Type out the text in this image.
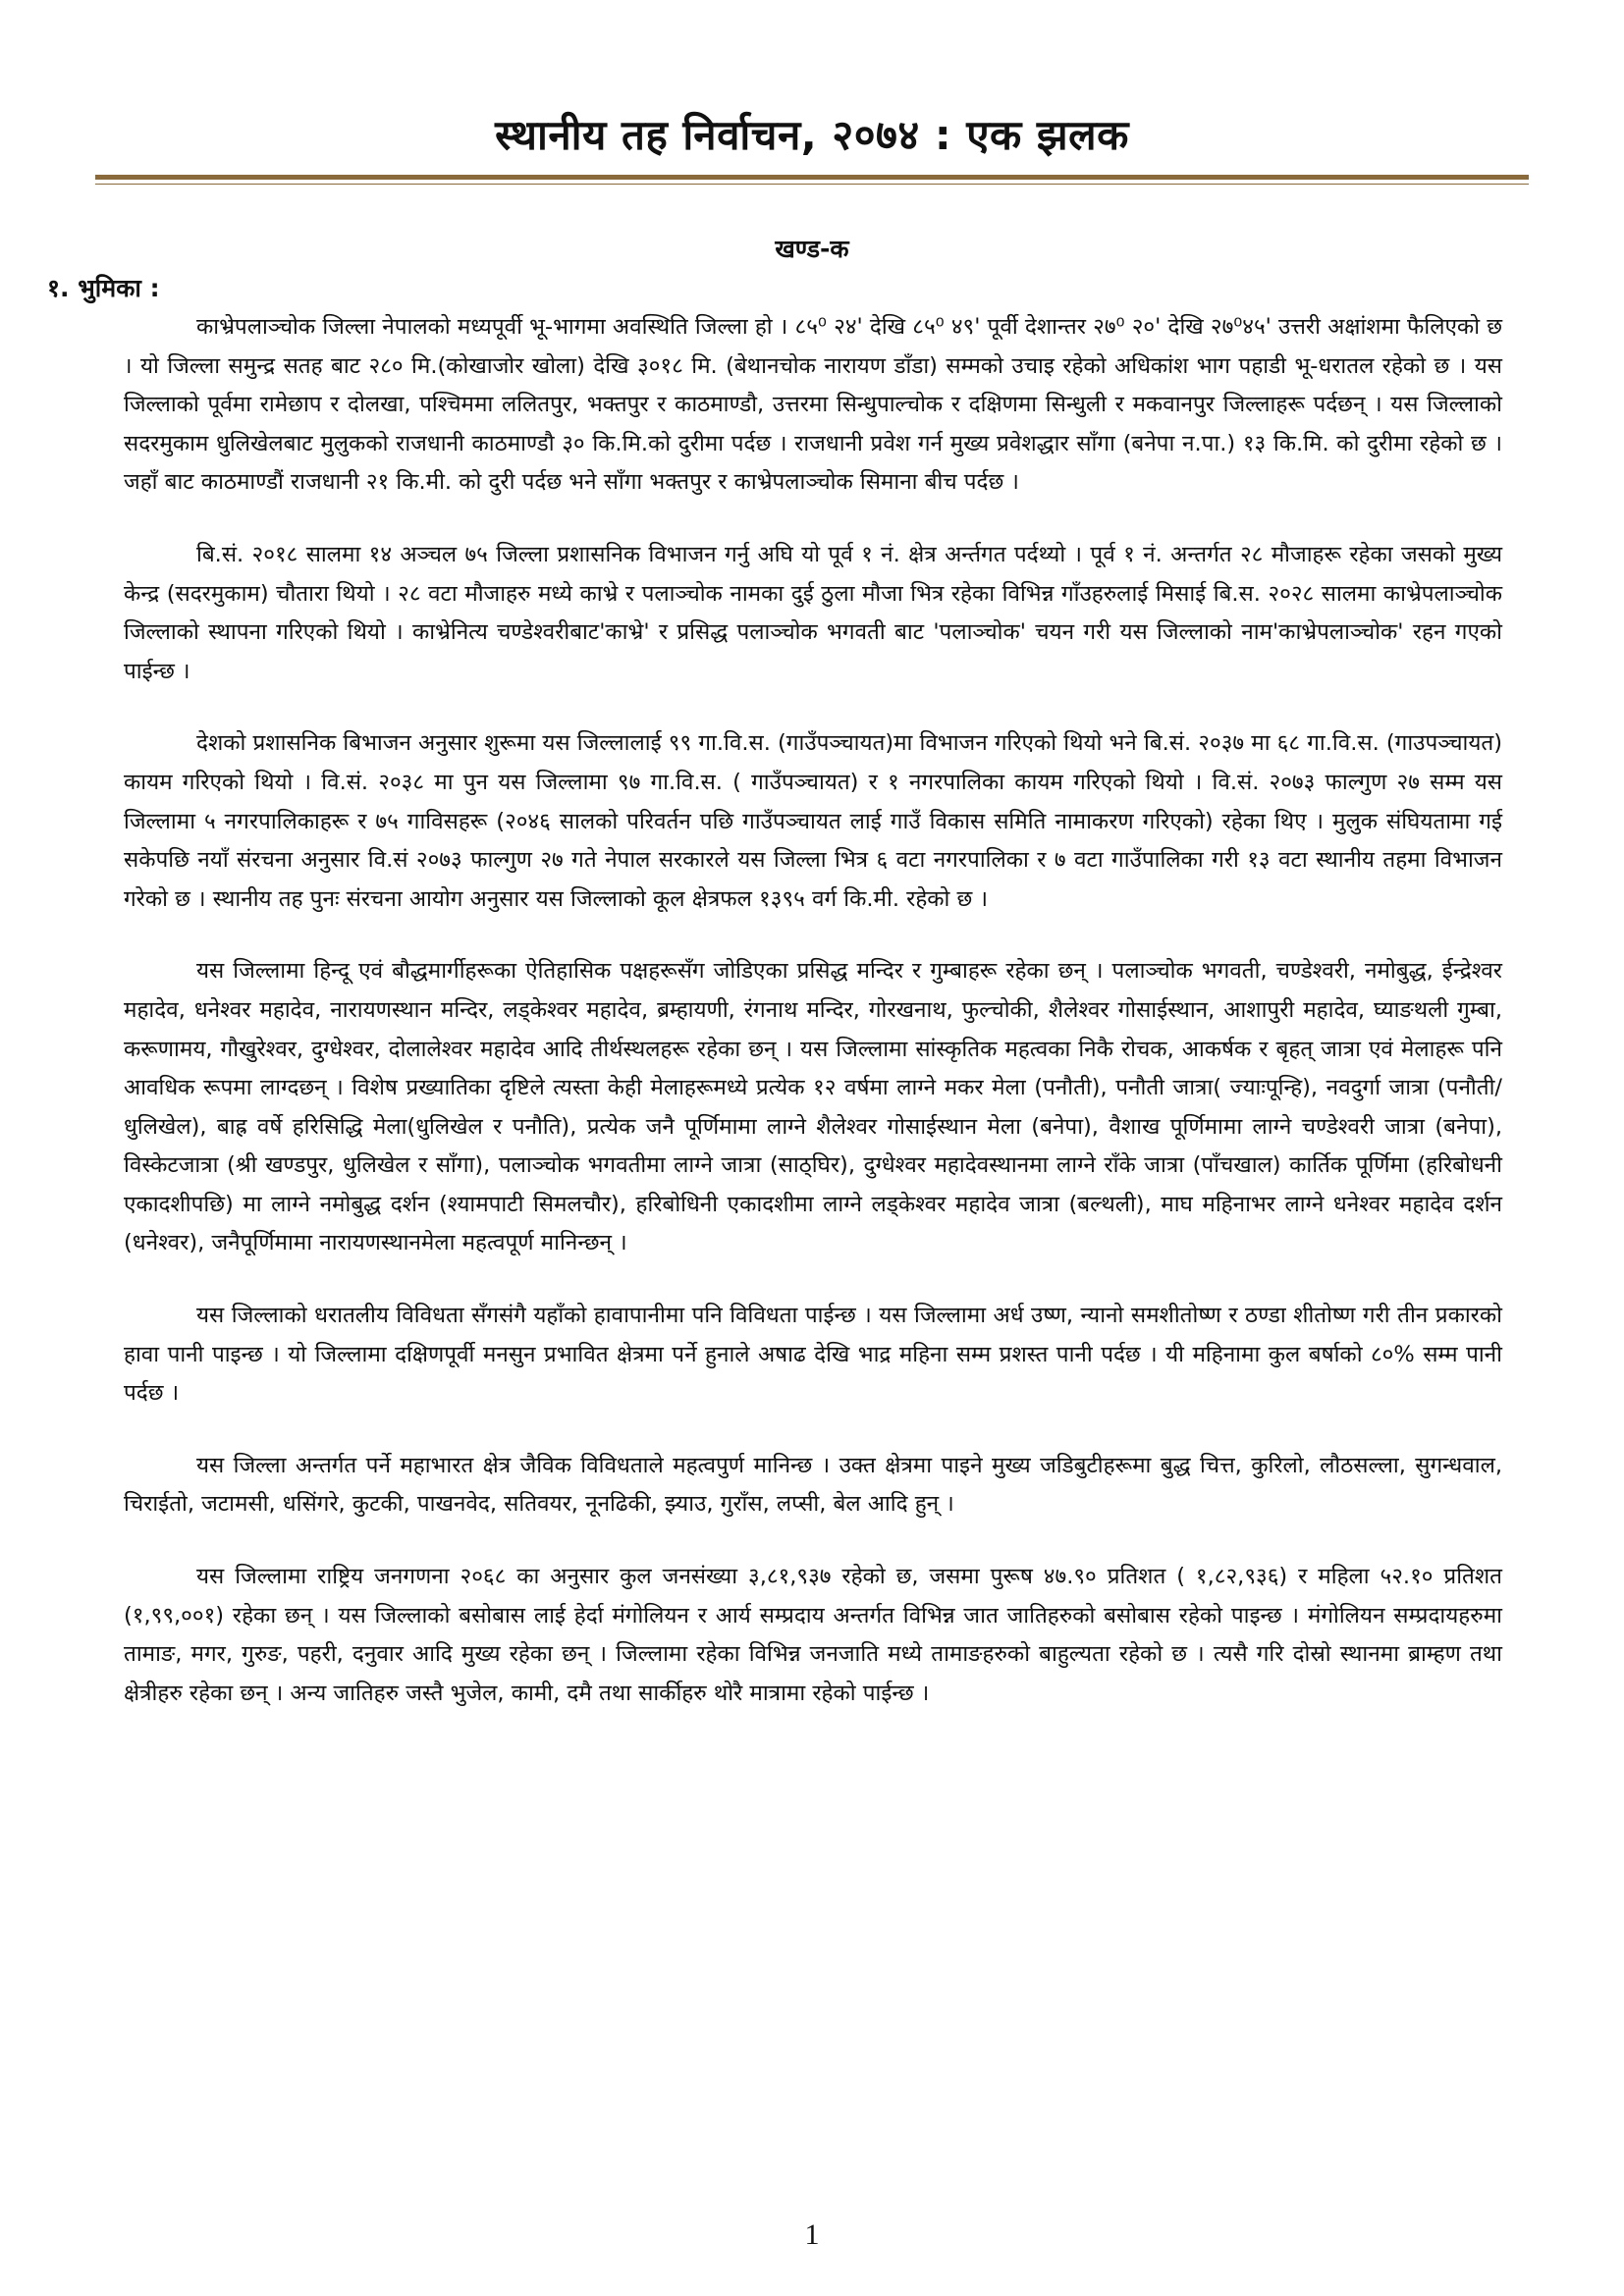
स्थानीय तह निर्वाचन, २०७४ : एक झलक
खण्ड-क
१. भुमिका :

काभ्रेपलाञ्चोक जिल्ला नेपालको मध्यपूर्वी भू-भागमा अवस्थिति जिल्ला हो । ८५⁰ २४' देखि ८५⁰ ४९' पूर्वी देशान्तर २७⁰ २०' देखि २७⁰४५' उत्तरी अक्षांशमा फैलिएको छ । यो जिल्ला समुन्द्र सतह बाट २८० मि.(कोखाजोर खोला) देखि ३०१८ मि. (बेथानचोक नारायण डाँडा) सम्मको उचाइ रहेको अधिकांश भाग पहाडी भू-धरातल रहेको छ । यस जिल्लाको पूर्वमा रामेछाप र दोलखा, पश्चिममा ललितपुर, भक्तपुर र काठमाण्डौ, उत्तरमा सिन्धुपाल्चोक र दक्षिणमा सिन्धुली र मकवानपुर जिल्लाहरू पर्दछन् । यस जिल्लाको सदरमुकाम धुलिखेलबाट मुलुकको राजधानी काठमाण्डौ ३० कि.मि.को दुरीमा पर्दछ । राजधानी प्रवेश गर्न मुख्य प्रवेशद्धार साँगा (बनेपा न.पा.) १३ कि.मि. को दुरीमा रहेको छ । जहाँ बाट काठमाण्डौं राजधानी २१ कि.मी. को दुरी पर्दछ भने साँगा भक्तपुर र काभ्रेपलाञ्चोक सिमाना बीच पर्दछ ।

बि.सं. २०१८ सालमा १४ अञ्चल ७५ जिल्ला प्रशासनिक विभाजन गर्नु अघि यो पूर्व १ नं. क्षेत्र अर्न्तगत पर्दथ्यो । पूर्व १ नं. अन्तर्गत २८ मौजाहरू रहेका जसको मुख्य केन्द्र (सदरमुकाम) चौतारा थियो । २८ वटा मौजाहरु मध्ये काभ्रे र पलाञ्चोक नामका दुई ठुला मौजा भित्र रहेका विभिन्न गाँउहरुलाई मिसाई बि.स. २०२८ सालमा काभ्रेपलाञ्चोक जिल्लाको स्थापना गरिएको थियो । काभ्रेनित्य चण्डेश्वरीबाट'काभ्रे' र प्रसिद्ध पलाञ्चोक भगवती बाट 'पलाञ्चोक' चयन गरी यस जिल्लाको नाम'काभ्रेपलाञ्चोक' रहन गएको पाईन्छ ।

देशको प्रशासनिक बिभाजन अनुसार शुरूमा यस जिल्लालाई ९९ गा.वि.स. (गाउँपञ्चायत)मा विभाजन गरिएको थियो भने बि.सं. २०३७ मा ६८ गा.वि.स. (गाउपञ्चायत) कायम गरिएको थियो । वि.सं. २०३८ मा पुन यस जिल्लामा ९७ गा.वि.स. ( गाउँपञ्चायत) र १ नगरपालिका कायम गरिएको थियो । वि.सं. २०७३ फाल्गुण २७ सम्म यस जिल्लामा ५ नगरपालिकाहरू र ७५ गाविसहरू (२०४६ सालको परिवर्तन पछि गाउँपञ्चायत लाई गाउँ विकास समिति नामाकरण गरिएको) रहेका थिए । मुलुक संघियतामा गई सकेपछि नयाँ संरचना अनुसार वि.सं २०७३ फाल्गुण २७ गते नेपाल सरकारले यस जिल्ला भित्र ६ वटा नगरपालिका र ७ वटा गाउँपालिका गरी १३ वटा स्थानीय तहमा विभाजन गरेको छ । स्थानीय तह पुनः संरचना आयोग अनुसार यस जिल्लाको कूल क्षेत्रफल १३९५ वर्ग कि.मी. रहेको छ ।

यस जिल्लामा हिन्दू एवं बौद्धमार्गीहरूका ऐतिहासिक पक्षहरूसँग जोडिएका प्रसिद्ध मन्दिर र गुम्बाहरू रहेका छन् । पलाञ्चोक भगवती, चण्डेश्वरी, नमोबुद्ध, ईन्द्रेश्वर महादेव, धनेश्वर महादेव, नारायणस्थान मन्दिर, लड्केश्वर महादेव, ब्रम्हायणी, रंगनाथ मन्दिर, गोरखनाथ, फुल्चोकी, शैलेश्वर गोसाईस्थान, आशापुरी महादेव, घ्याङथली गुम्बा, करूणामय, गौखुरेश्वर, दुग्धेश्वर, दोलालेश्वर महादेव आदि तीर्थस्थलहरू रहेका छन् । यस जिल्लामा सांस्कृतिक महत्वका निकै रोचक, आकर्षक र बृहत् जात्रा एवं मेलाहरू पनि आवधिक रूपमा लाग्दछन् । विशेष प्रख्यातिका दृष्टिले त्यस्ता केही मेलाहरूमध्ये प्रत्येक १२ वर्षमा लाग्ने मकर मेला (पनौती), पनौती जात्रा( ज्याःपून्हि), नवदुर्गा जात्रा (पनौती/धुलिखेल), बाह्र वर्षे हरिसिद्धि मेला(धुलिखेल र पनौति), प्रत्येक जनै पूर्णिमामा लाग्ने शैलेश्वर गोसाईस्थान मेला (बनेपा), वैशाख पूर्णिमामा लाग्ने चण्डेश्वरी जात्रा (बनेपा), विस्केटजात्रा (श्री खण्डपुर, धुलिखेल र साँगा), पलाञ्चोक भगवतीमा लाग्ने जात्रा (साठ्घिर), दुग्धेश्वर महादेवस्थानमा लाग्ने राँके जात्रा (पाँचखाल) कार्तिक पूर्णिमा (हरिबोधनी एकादशीपछि) मा लाग्ने नमोबुद्ध दर्शन (श्यामपाटी सिमलचौर), हरिबोधिनी एकादशीमा लाग्ने लड्केश्वर महादेव जात्रा (बल्थली), माघ महिनाभर लाग्ने धनेश्वर महादेव दर्शन (धनेश्वर), जनैपूर्णिमामा नारायणस्थानमेला महत्वपूर्ण मानिन्छन् ।

यस जिल्लाको धरातलीय विविधता सँगसंगै यहाँको हावापानीमा पनि विविधता पाईन्छ । यस जिल्लामा अर्ध उष्ण, न्यानो समशीतोष्ण र ठण्डा शीतोष्ण गरी तीन प्रकारको हावा पानी पाइन्छ । यो जिल्लामा दक्षिणपूर्वी मनसुन प्रभावित क्षेत्रमा पर्ने हुनाले अषाढ देखि भाद्र महिना सम्म प्रशस्त पानी पर्दछ । यी महिनामा कुल बर्षाको ८०% सम्म पानी पर्दछ ।

यस जिल्ला अन्तर्गत पर्ने महाभारत क्षेत्र जैविक विविधताले महत्वपुर्ण मानिन्छ । उक्त क्षेत्रमा पाइने मुख्य जडिबुटीहरूमा बुद्ध चित्त, कुरिलो, लौठसल्ला, सुगन्धवाल, चिराईतो, जटामसी, धसिंगरे, कुटकी, पाखनवेद, सतिवयर, नूनढिकी, झ्याउ, गुराँस, लप्सी, बेल आदि हुन् ।

यस जिल्लामा राष्ट्रिय जनगणना २०६८ का अनुसार कुल जनसंख्या ३,८१,९३७ रहेको छ, जसमा पुरूष ४७.९० प्रतिशत ( १,८२,९३६) र महिला ५२.१० प्रतिशत (१,९९,००१) रहेका छन् । यस जिल्लाको बसोबास लाई हेर्दा मंगोलियन र आर्य सम्प्रदाय अन्तर्गत विभिन्न जात जातिहरुको बसोबास रहेको पाइन्छ । मंगोलियन सम्प्रदायहरुमा तामाङ, मगर, गुरुङ, पहरी, दनुवार आदि मुख्य रहेका छन् । जिल्लामा रहेका विभिन्न जनजाति मध्ये तामाङहरुको बाहुल्यता रहेको छ । त्यसै गरि दोस्रो स्थानमा ब्राम्हण तथा क्षेत्रीहरु रहेका छन् । अन्य जातिहरु जस्तै भुजेल, कामी, दमै तथा सार्कीहरु थोरै मात्रामा रहेको पाईन्छ ।

1
